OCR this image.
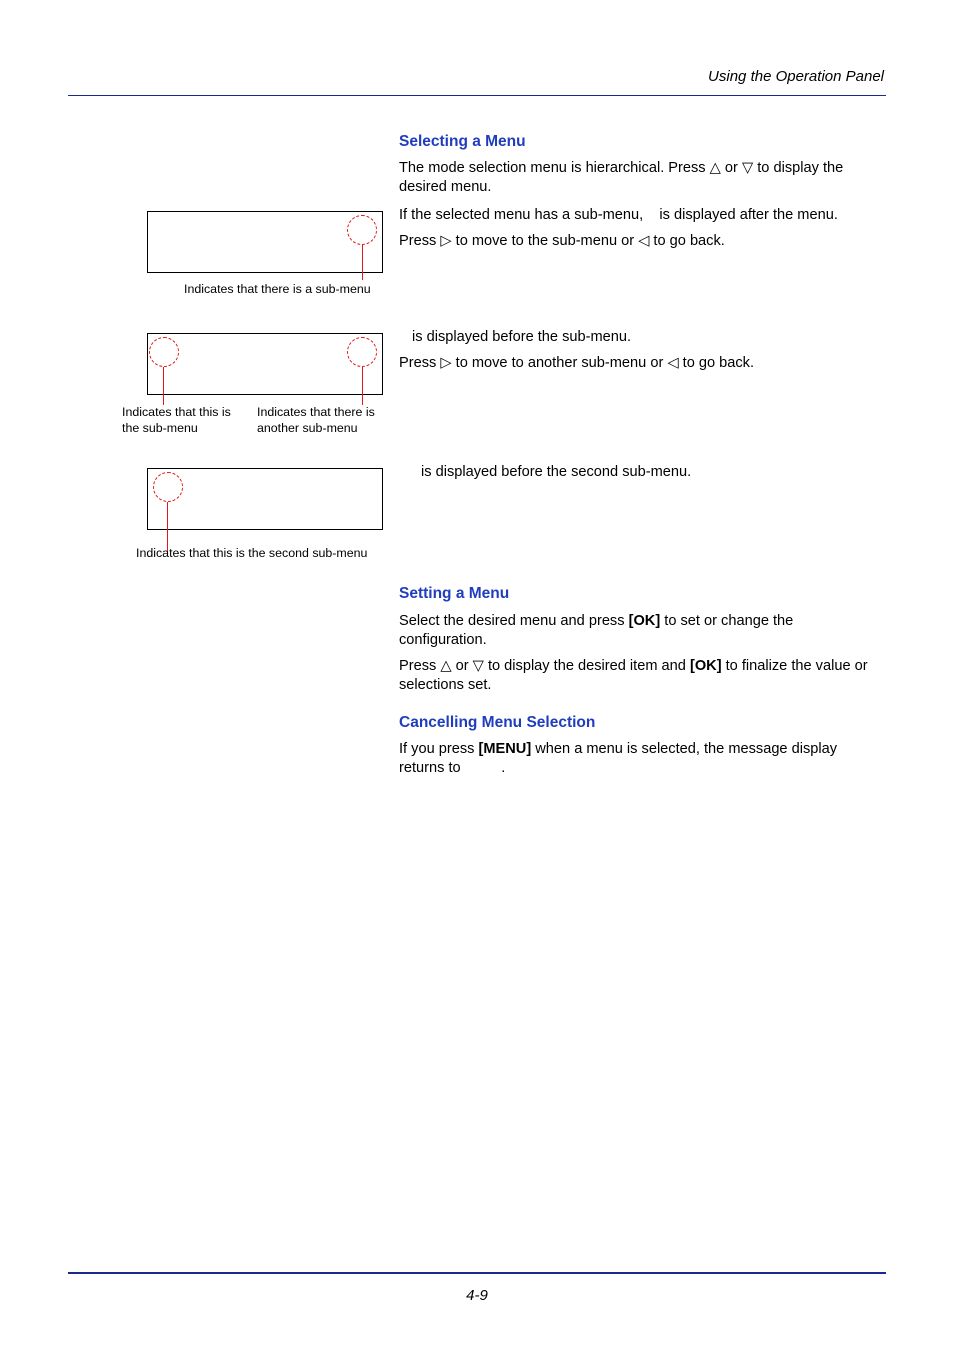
Using the Operation Panel
Selecting a Menu
The mode selection menu is hierarchical. Press △ or ▽ to display the
desired menu.
If the selected menu has a sub-menu,    is displayed after the menu.
Press ▷ to move to the sub-menu or ◁ to go back.
Indicates that there is a sub-menu
is displayed before the sub-menu.
Press ▷ to move to another sub-menu or ◁ to go back.
Indicates that this is
the sub-menu
Indicates that there is
another sub-menu
is displayed before the second sub-menu.
Indicates that this is the second sub-menu
Setting a Menu
Select the desired menu and press [OK] to set or change the
configuration.
Press △ or ▽ to display the desired item and [OK] to finalize the value or
selections set.
Cancelling Menu Selection
If you press [MENU] when a menu is selected, the message display
returns to          .
4-9
